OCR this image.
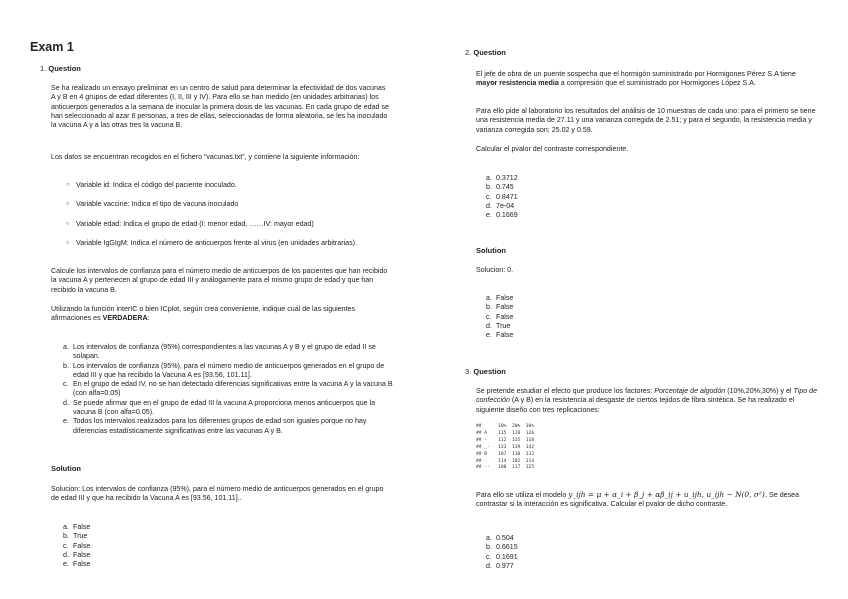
Exam 1
1. Question

Se ha realizado un ensayo preliminar en un centro de salud para determinar la efectividad de dos vacunas A y B en 4 grupos de edad diferentes (I, II, III y IV). Para ello se han medido (en unidades arbitrarias) los anticuerpos generados a la semana de inocular la primera dosis de las vacunas. En cada grupo de edad se han seleccionado al azar 6 personas, a tres de ellas, seleccionadas de forma aleatoria, se les ha inoculado la vacuna A y a las otras tres la vacuna B.

Los datos se encuentran recogidos en el fichero “vacunas.txt”, y contiene la siguiente información:

○ Variable id: Indica el código del paciente inoculado.
○ Variable vaccine: Indica el tipo de vacuna inoculado
○ Variable edad: Indica el grupo de edad (I: menor edad, ……IV: mayor edad)
○ Variable IgGIgM: Indica el número de anticuerpos frente al virus (en unidades arbitrarias).

Calcule los intervalos de confianza para el número medio de anticuerpos de los pacientes que han recibido la vacuna A y pertenecen al grupo de edad III y análogamente para el mismo grupo de edad y que han recibido la vacuna B.

Utilizando la función interIC o bien ICplot, según crea conveniente, indique cuál de las siguientes afirmaciones es VERDADERA:

a. Los intervalos de confianza (95%) correspondientes a las vacunas A y B y el grupo de edad II se solapan.
b. Los intervalos de confianza (95%), para el número medio de anticuerpos generados en el grupo de edad III y que ha recibido la Vacuna A es [93.56, 101.11].
c. En el grupo de edad IV, no se han detectado diferencias significativas entre la vacuna A y la vacuna B (con alfa=0.05)
d. Se puede afirmar que en el grupo de edad III la vacuna A proporciona menos anticuerpos que la vacuna B (con alfa=0.05).
e. Todos los intervalos realizados para los diferentes grupos de edad son iguales porque no hay diferencias estadísticamente significativas entre las vacunas A y B.
Solution

Solucion: Los intervalos de confianza (95%), para el número medio de anticuerpos generados en el grupo de edad III y que ha recibido la Vacuna A es [93.56, 101.11]..

a. False
b. True
c. False
d. False
e. False
2. Question

El jefe de obra de un puente sospecha que el hormigón suministrado por Hormigones Pérez S.A tiene mayor resistencia media a compresión que el suministrado por Hormigones López S.A.

Para ello pide al laboratorio los resultados del análisis de 10 muestras de cada uno: para el primero se tiene una resistencia media de 27.11 y una varianza corregida de 2.51; y para el segundo, la resistencia media y varianza corregida son: 25.02 y 0.59.

Calcular el pvalor del contraste correspondiente.

a. 0.3712
b. 0.745
c. 0.8471
d. 7e-04
e. 0.1669
Solution

Solucion: 0.

a. False
b. False
c. False
d. True
e. False
3. Question

Se pretende estudiar el efecto que produce los factores: Porcentaje de algodón (10%,20%,30%) y el Tipo de confección (A y B) en la resistencia al desgaste de ciertos tejidos de fibra sintética. Se ha realizado el siguiente diseño con tres replicaciones:

##      10%  20%  30%
## A    115  120  126
## -    112  135  118
## _-   133  139  142
## B    107  110  132
## -    114  102  114
## --   108  117  125

Para ello se utiliza el modelo y_ijh = μ + α_i + β_j + αβ_ij + u_ijh, u_ijh ~ N(0, σ²). Se desea contrastar si la interacción es significativa. Calcular el pvalor de dicho contraste.

a. 0.504
b. 0.6615
c. 0.1691
d. 0.977
